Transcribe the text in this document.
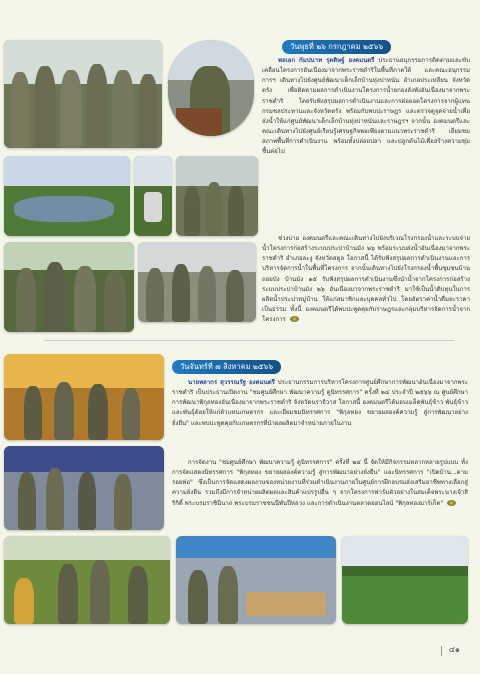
วันพุธที่ ๒๖ กรกฎาคม ๒๕๖๖
พลเอก กัมปนาท รุดดิษฐ์ องคมนตรี ประธานอนุกรรมการติดตามและขับเคลื่อนโครงการอันเนื่องมาจากพระราชดำริในพื้นที่ภาคใต้ และคณะอนุกรรมการฯ เดินทางไปยังศูนย์พัฒนาเด็กเล็กบ้านทุ่งปาหนัน อำเภอประเหลียน จังหวัดตรัง เพื่อติดตามผลการดำเนินงานโครงการน้ำยกองลังพังอันเนื่องมาจากพระราชดำริ โดยรับฟังสรุปผลการดำเนินงานและการต่อยอดโครงการจากผู้แทนกรมชลประทานและจังหวัดตรัง พร้อมกับพบปะราษฎร และตรวจดูจุดจ่ายน้ำเพื่อส่งน้ำให้แก่ศูนย์พัฒนาเด็กเล็กบ้านทุ่งปาหนันและราษฎรฯ จากนั้น องคมนตรีและคณะเดินทางไปยังศูนย์เรียนรู้เศรษฐกิจพอเพียงตามแนวพระราชดำริ เยี่ยมชมสภาพพื้นที่การดำเนินงาน พร้อมทั้งปล่อยปลา และปลูกต้นไม้เพื่อสร้างความชุ่มชื้นต่อไป
ช่วงบ่าย องคมนตรีและคณะเดินทางไปยังบริเวณโรงกรองน้ำและระบบจ่ายน้ำโครงการก่อสร้างระบบประปาบ้านมัง ๒๖ พร้อมระบบส่งน้ำอันเนื่องมาจากพระราชดำริ อำเภอละงู จังหวัดสตูล โอกาสนี้ ได้รับฟังสรุปผลการดำเนินงานและการบริหารจัดการน้ำในพื้นที่โครงการ จากนั้นเดินทางไปยังโรงกรองน้ำพื้นชุมชนบ้านถอยบัง บ้านมัง ๑๕ รับฟังสรุปผลการดำเนินงานซึ่งนำน้ำจากโครงการก่อสร้างระบบประปาบ้านมัง ๒๖ อันเนื่องมาจากพระราชดำริ มาใช้เป็นน้ำดิบทุนในการผลิตน้ำประปาหมู่บ้าน ให้แก่สมาชิกและบุคคลทั่วไป โดยอัตราค่าน้ำดื่มละราคาเป็นธรรม ทั้งนี้ องคมนตรีได้พบปะพูดคุยกับราษฎรและกลุ่มบริหารจัดการน้ำจากโครงการ
วันจันทร์ที่ ๗ สิงหาคม ๒๕๖๖
นายพลากร สุวรรณรัฐ องคมนตรี ประธานกรรมการบริหารโครงการศูนย์ศึกษาการพัฒนาอันเนื่องมาจากพระราชดำริ เป็นประธานเปิดงาน "ชมศูนย์ศึกษา พัฒนาความรู้ ดูนิทรรศการ" ครั้งที่ ๒๔ ประจำปี ๒๕๖๖ ณ ศูนย์ศึกษาการพัฒนาพิกุลทองอันเนื่องมาจากพระราชดำริ จังหวัดนราธิวาส โอกาสนี้ องคมนตรีได้มอบเมล็ดพันธุ์ข้าว พันธุ์ข้าวและพันธุ์ต้อยให้แก่ตัวแทนเกษตรกร และเยี่ยมชมนิทรรศการ "พิกุลทอง ขยายผลองค์ความรู้ สู่การพัฒนาอย่างยั่งยืน" และพบปะพูดคุยกับเกษตรกรที่นำผลผลิตมาจำหน่ายภายในงาน
การจัดงาน "ชมศูนย์ศึกษา พัฒนาความรู้ ดูนิทรรศการ" ครั้งที่ ๒๔ นี้ จัดให้มีกิจกรรมหลากหลายรูปแบบ ทั้งการจัดแสดงนิทรรศการ "พิกุลทอง ขยายผลองค์ความรู้ สู่การพัฒนาอย่างยั่งยืน" และนิทรรศการ "เปิดบ้าน...ตามรอยพ่อ" ซึ่งเป็นการจัดแสดงผลงานของหน่วยงานที่ร่วมดำเนินงานภายในศูนย์การฝึกอบรมส่งเสริมอาชีพทางเลือกสู่ความยั่งยืน รวมถึงมีการจำหน่ายผลิตผลและสินค้าแปรรูปอื่น ๆ จากโครงการฟาร์มตัวอย่างในสมเด็จพระนางเจ้าสิริกิติ์ พระบรมราชินีนาถ พระบรมราชชนนีพันปีหลวง และการดำเนินงานตลาดออนไลน์ "พิกุลทองมาร์เก็ต"
๔๑
